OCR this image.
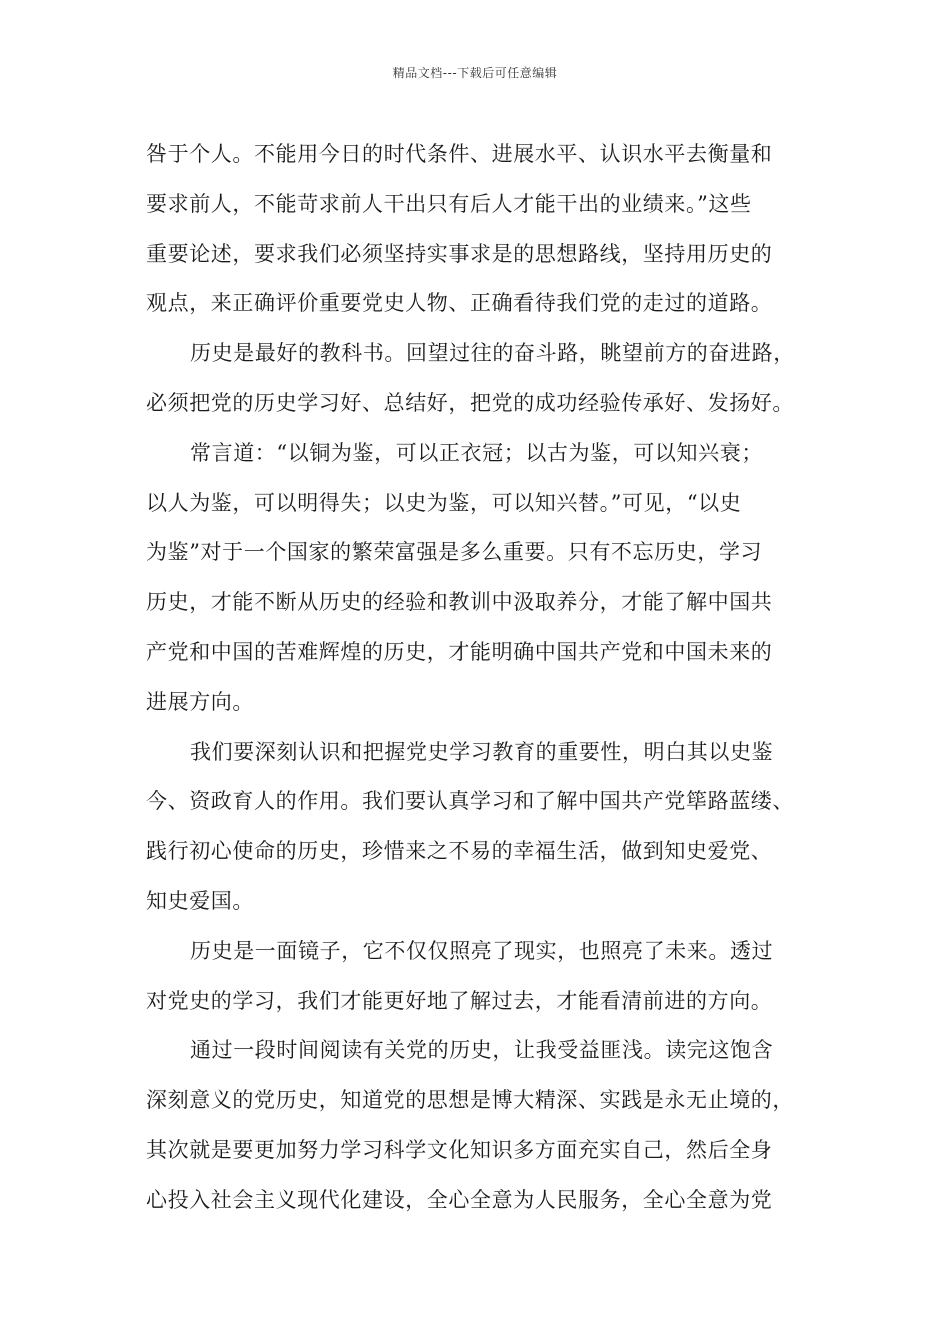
精品文档---下载后可任意编辑
咎于个人。不能用今日的时代条件、进展水平、认识水平去衡量和
要求前人，不能苛求前人干出只有后人才能干出的业绩来。”这些
重要论述，要求我们必须坚持实事求是的思想路线，坚持用历史的
观点，来正确评价重要党史人物、正确看待我们党的走过的道路。
历史是最好的教科书。回望过往的奋斗路，眺望前方的奋进路，
必须把党的历史学习好、总结好，把党的成功经验传承好、发扬好。
常言道：“以铜为鉴，可以正衣冠；以古为鉴，可以知兴衰；
以人为鉴，可以明得失；以史为鉴，可以知兴替。”可见，“以史
为鉴”对于一个国家的繁荣富强是多么重要。只有不忘历史，学习
历史，才能不断从历史的经验和教训中汲取养分，才能了解中国共
产党和中国的苦难辉煌的历史，才能明确中国共产党和中国未来的
进展方向。
我们要深刻认识和把握党史学习教育的重要性，明白其以史鉴
今、资政育人的作用。我们要认真学习和了解中国共产党筚路蓝缕、
践行初心使命的历史，珍惜来之不易的幸福生活，做到知史爱党、
知史爱国。
历史是一面镜子，它不仅仅照亮了现实，也照亮了未来。透过
对党史的学习，我们才能更好地了解过去，才能看清前进的方向。
通过一段时间阅读有关党的历史，让我受益匪浅。读完这饱含
深刻意义的党历史，知道党的思想是博大精深、实践是永无止境的，
其次就是要更加努力学习科学文化知识多方面充实自己，然后全身
心投入社会主义现代化建设，全心全意为人民服务，全心全意为党
